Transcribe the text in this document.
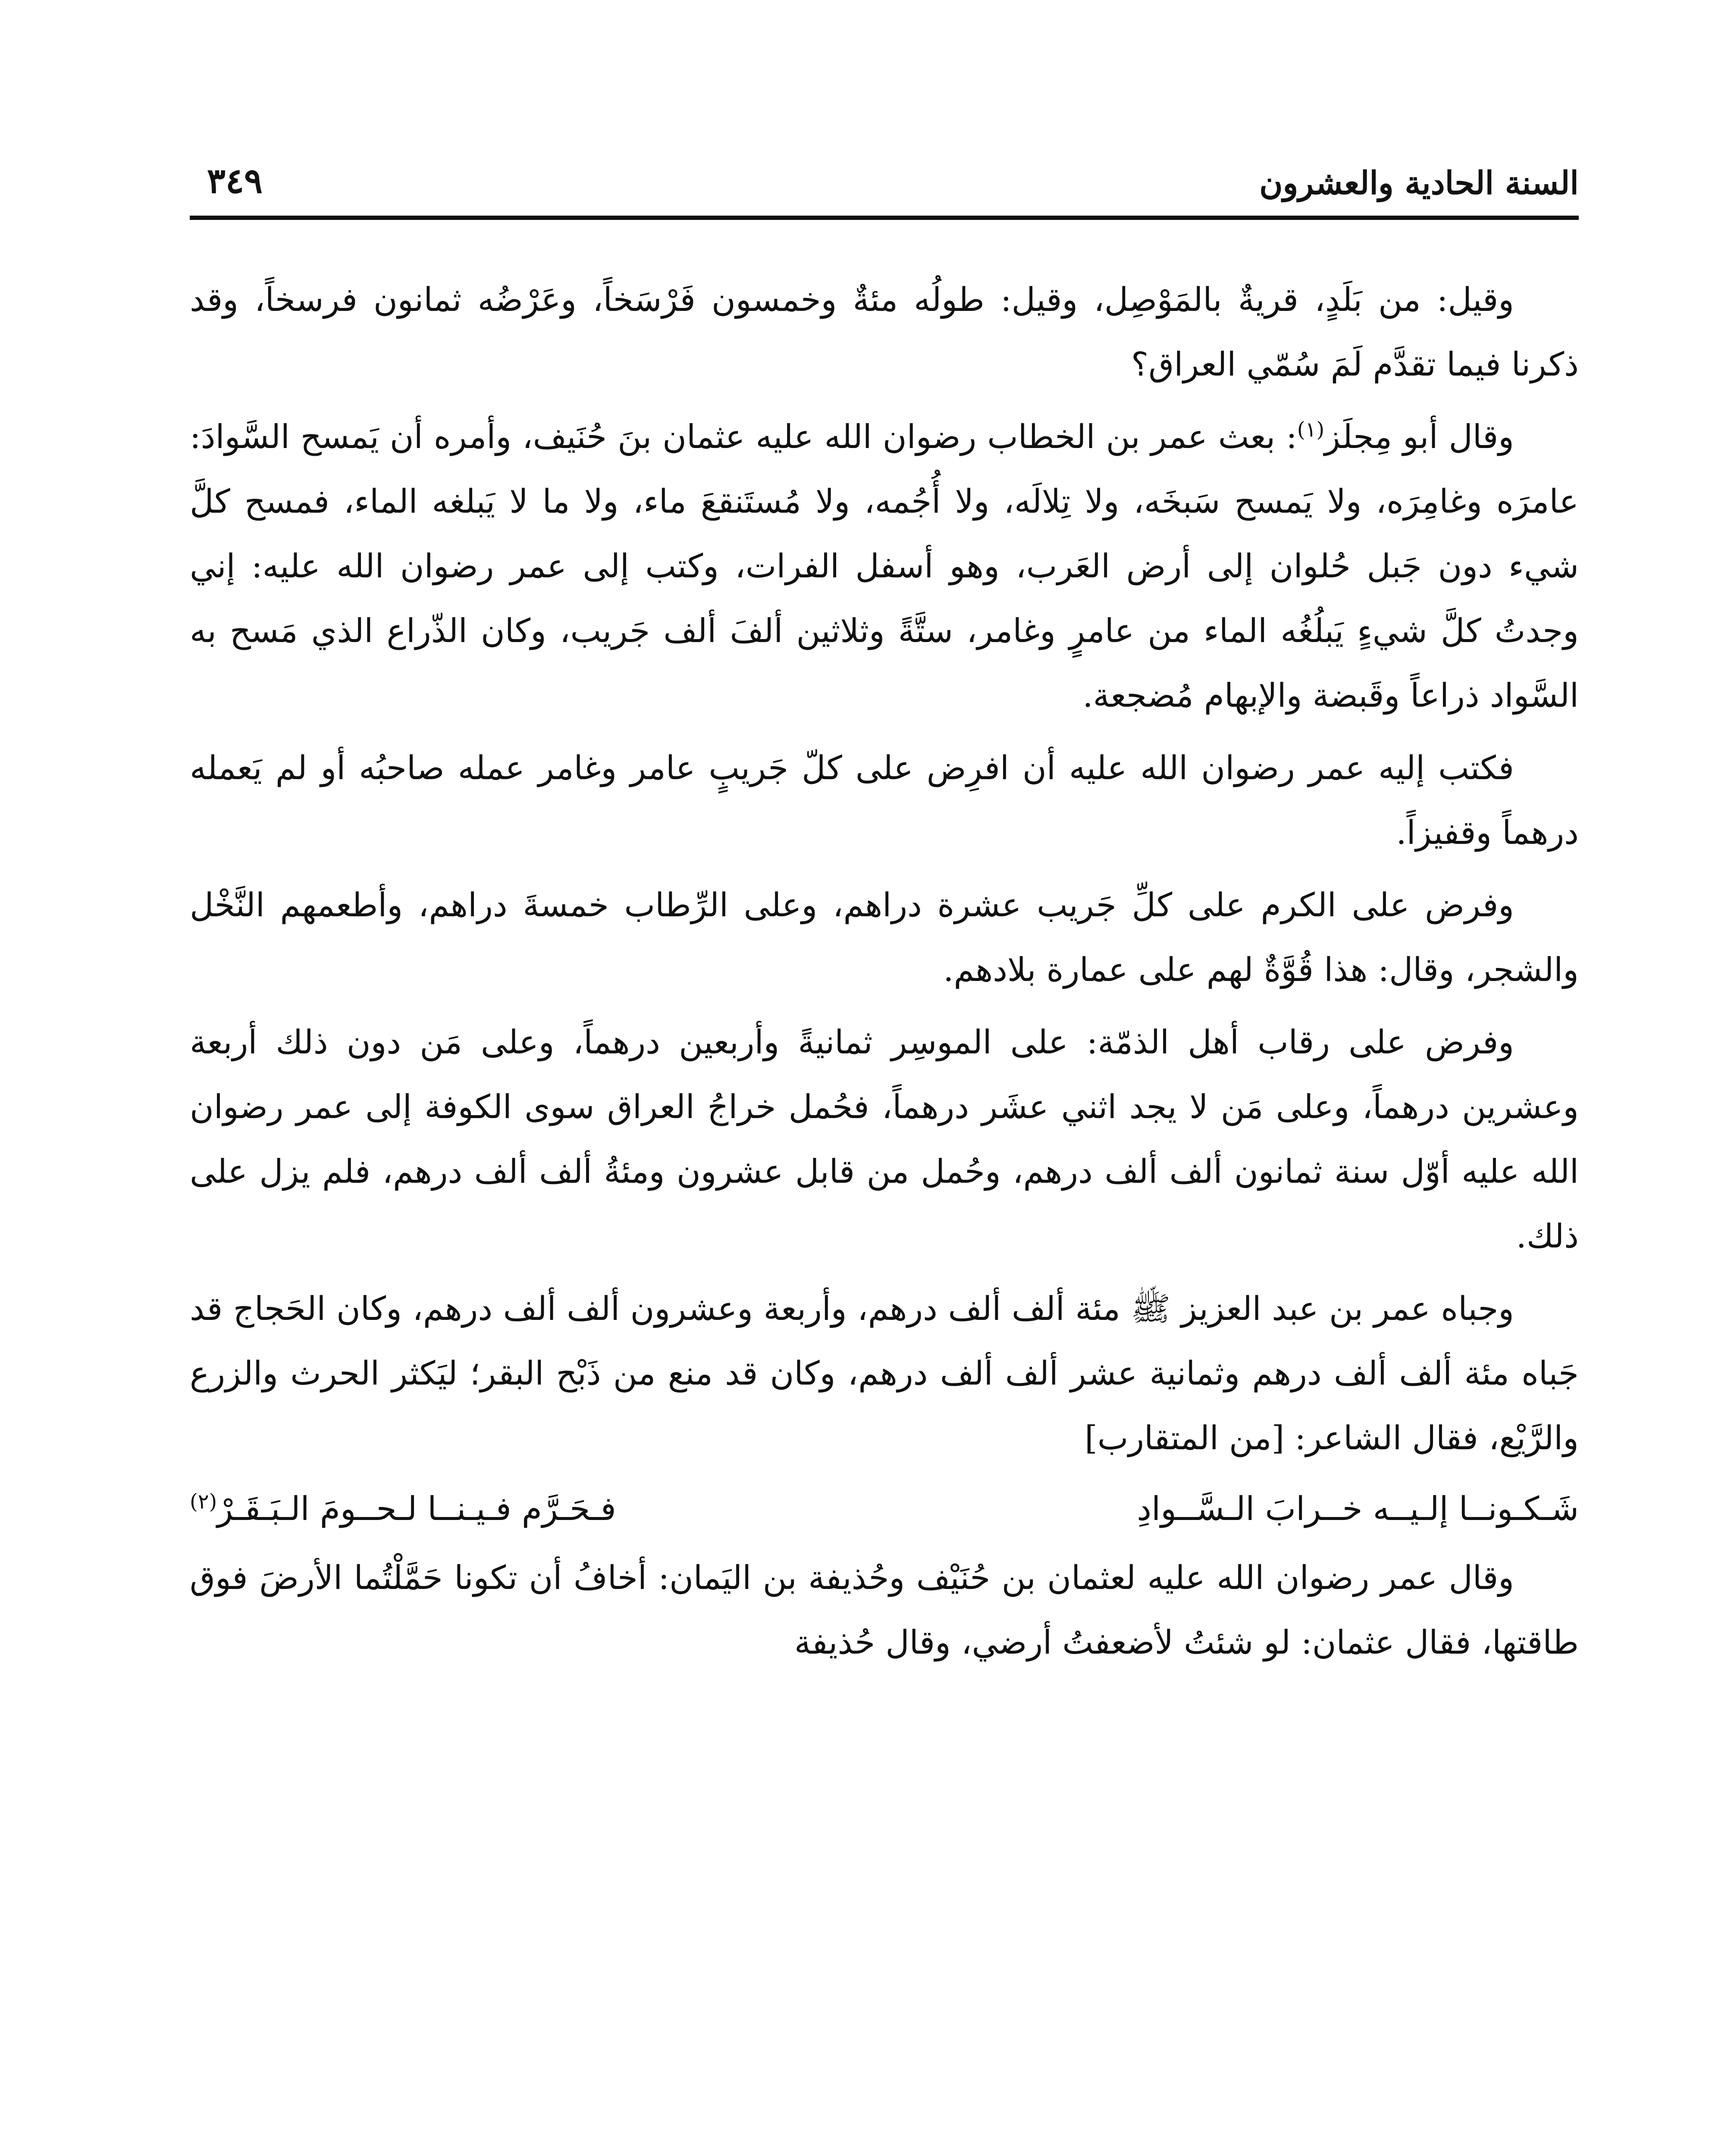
السنة الحادية والعشرون
٣٤٩

وقيل: من بَلَدٍ، قريةٌ بالمَوْصِل، وقيل: طولُه مئةٌ وخمسون فَرْسَخاً، وعَرْضُه ثمانون فرسخاً، وقد ذكرنا فيما تقدَّم لَمَ سُمّي العراق؟

وقال أبو مِجلَز$^{(١)}$: بعث عمر بن الخطاب رضوان الله عليه عثمان بنَ حُنَيف، وأمره أن يَمسح السَّوادَ: عامرَه وغامِرَه، ولا يَمسح سَبخَه، ولا تِلالَه، ولا أُجُمه، ولا مُستَنقعَ ماء، ولا ما لا يَبلغه الماء، فمسح كلَّ شيء دون جَبل حُلوان إلى أرض العَرب، وهو أسفل الفرات، وكتب إلى عمر رضوان الله عليه: إني وجدتُ كلَّ شيءٍ يَبلُغُه الماء من عامرٍ وغامر، ستَّةً وثلاثين ألفَ ألف جَريب، وكان الذّراع الذي مَسح به السَّواد ذراعاً وقَبضة والإبهام مُضجعة.

فكتب إليه عمر رضوان الله عليه أن افرِض على كلّ جَريبٍ عامر وغامر عمله صاحبُه أو لم يَعمله درهماً وقفيزاً.

وفرض على الكرم على كلِّ جَريب عشرة دراهم، وعلى الرِّطاب خمسةَ دراهم، وأطعمهم النَّخْل والشجر، وقال: هذا قُوَّةٌ لهم على عمارة بلادهم.

وفرض على رقاب أهل الذمّة: على الموسِر ثمانيةً وأربعين درهماً، وعلى مَن دون ذلك أربعة وعشرين درهماً، وعلى مَن لا يجد اثني عشَر درهماً، فحُمل خراجُ العراق سوى الكوفة إلى عمر رضوان الله عليه أوّل سنة ثمانون ألف ألف درهم، وحُمل من قابل عشرون ومئةُ ألف ألف درهم، فلم يزل على ذلك.

وجباه عمر بن عبد العزيز ﷺ مئة ألف ألف درهم، وأربعة وعشرون ألف ألف درهم، وكان الحَجاج قد جَباه مئة ألف ألف درهم وثمانية عشر ألف ألف درهم، وكان قد منع من ذَبْح البقر؛ ليَكثر الحرث والزرع والرَّيْع، فقال الشاعر: [من المتقارب]

شَـكـونــا إلـيــه خــرابَ الـسَّــوادِ
فـحَـرَّم فـيـنــا لـحــومَ الـبَـقَـرْ$^{(٢)}$

وقال عمر رضوان الله عليه لعثمان بن حُنَيْف وحُذيفة بن اليَمان: أخافُ أن تكونا حَمَّلْتُما الأرضَ فوق طاقتها، فقال عثمان: لو شئتُ لأضعفتُ أرضي، وقال حُذيفة
